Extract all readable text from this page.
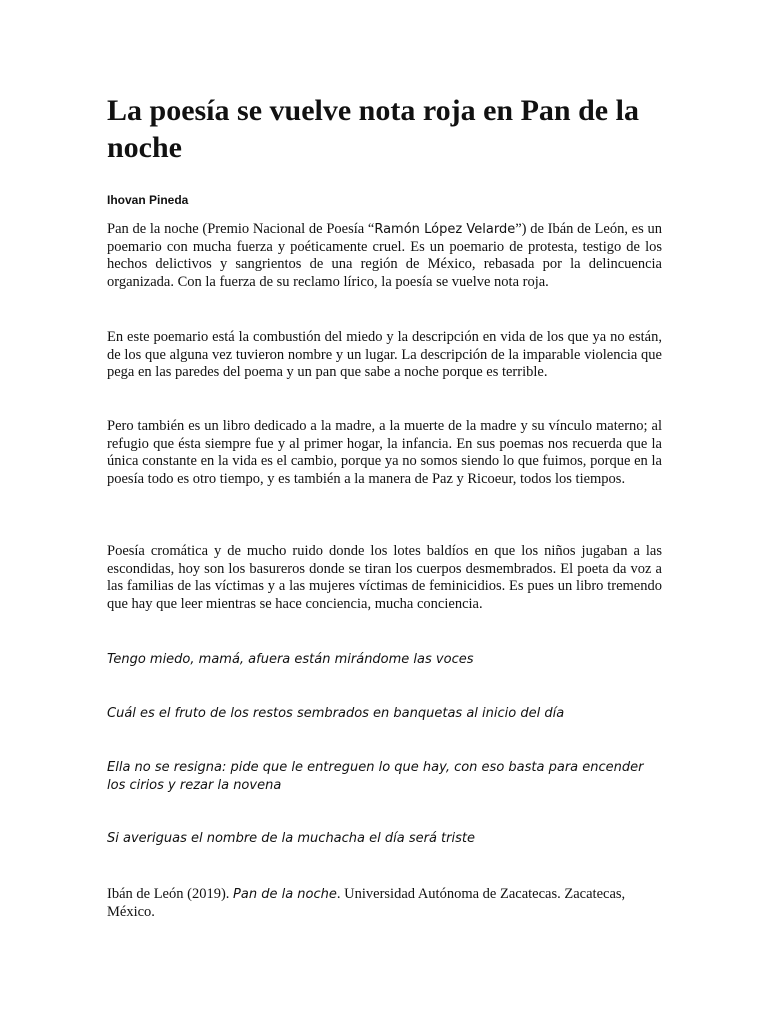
La poesía se vuelve nota roja en Pan de la noche

Ihovan Pineda

Pan de la noche (Premio Nacional de Poesía “Ramón López Velarde”) de Ibán de León, es un poemario con mucha fuerza y poéticamente cruel. Es un poemario de protesta, testigo de los hechos delictivos y sangrientos de una región de México, rebasada por la delincuencia organizada. Con la fuerza de su reclamo lírico, la poesía se vuelve nota roja.

En este poemario está la combustión del miedo y la descripción en vida de los que ya no están, de los que alguna vez tuvieron nombre y un lugar. La descripción de la imparable violencia que pega en las paredes del poema y un pan que sabe a noche porque es terrible.

Pero también es un libro dedicado a la madre, a la muerte de la madre y su vínculo materno; al refugio que ésta siempre fue y al primer hogar, la infancia. En sus poemas nos recuerda que la única constante en la vida es el cambio, porque ya no somos siendo lo que fuimos, porque en la poesía todo es otro tiempo, y es también a la manera de Paz y Ricoeur, todos los tiempos.

Poesía cromática y de mucho ruido donde los lotes baldíos en que los niños jugaban a las escondidas, hoy son los basureros donde se tiran los cuerpos desmembrados. El poeta da voz a las familias de las víctimas y a las mujeres víctimas de feminicidios. Es pues un libro tremendo que hay que leer mientras se hace conciencia, mucha conciencia.

Tengo miedo, mamá, afuera están mirándome las voces

Cuál es el fruto de los restos sembrados en banquetas al inicio del día

Ella no se resigna: pide que le entreguen lo que hay, con eso basta para encender los cirios y rezar la novena

Si averiguas el nombre de la muchacha el día será triste

Ibán de León (2019). Pan de la noche. Universidad Autónoma de Zacatecas. Zacatecas, México.
